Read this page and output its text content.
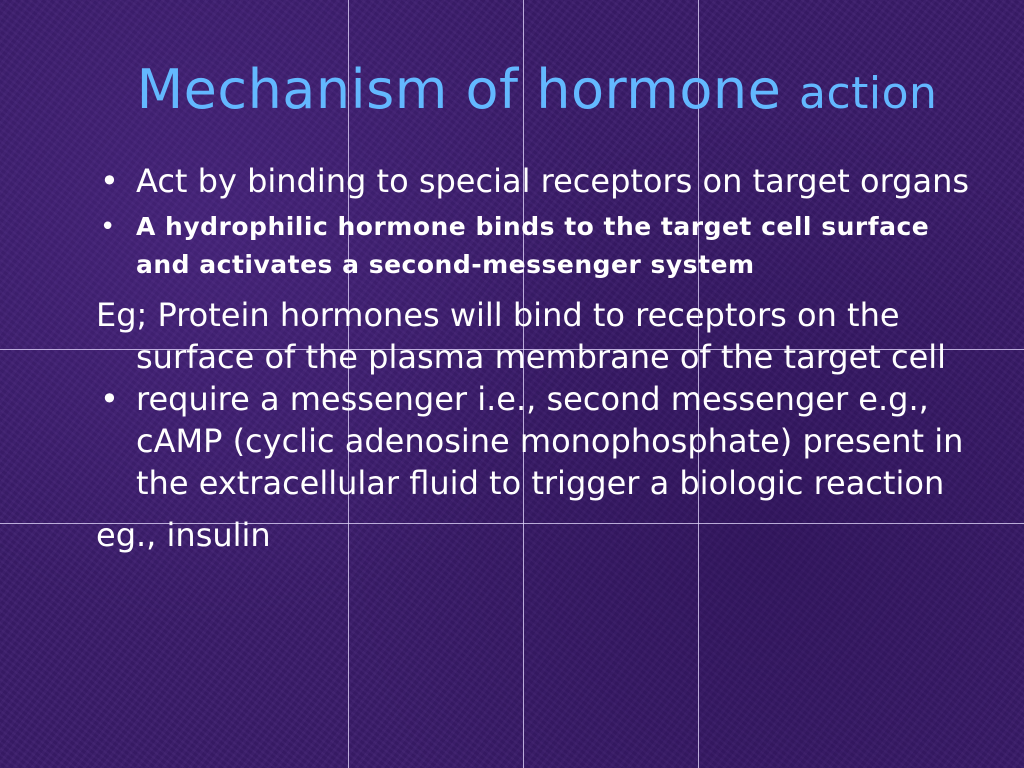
Mechanism of hormone action
• Act by binding to special receptors on target organs
• A hydrophilic hormone binds to the target cell surface and activates a second-messenger system

Eg; Protein hormones will bind to receptors on the surface of the plasma membrane of the target cell

• require a messenger i.e., second messenger e.g., cAMP (cyclic adenosine monophosphate) present in the extracellular fluid to trigger a biologic reaction

eg., insulin
